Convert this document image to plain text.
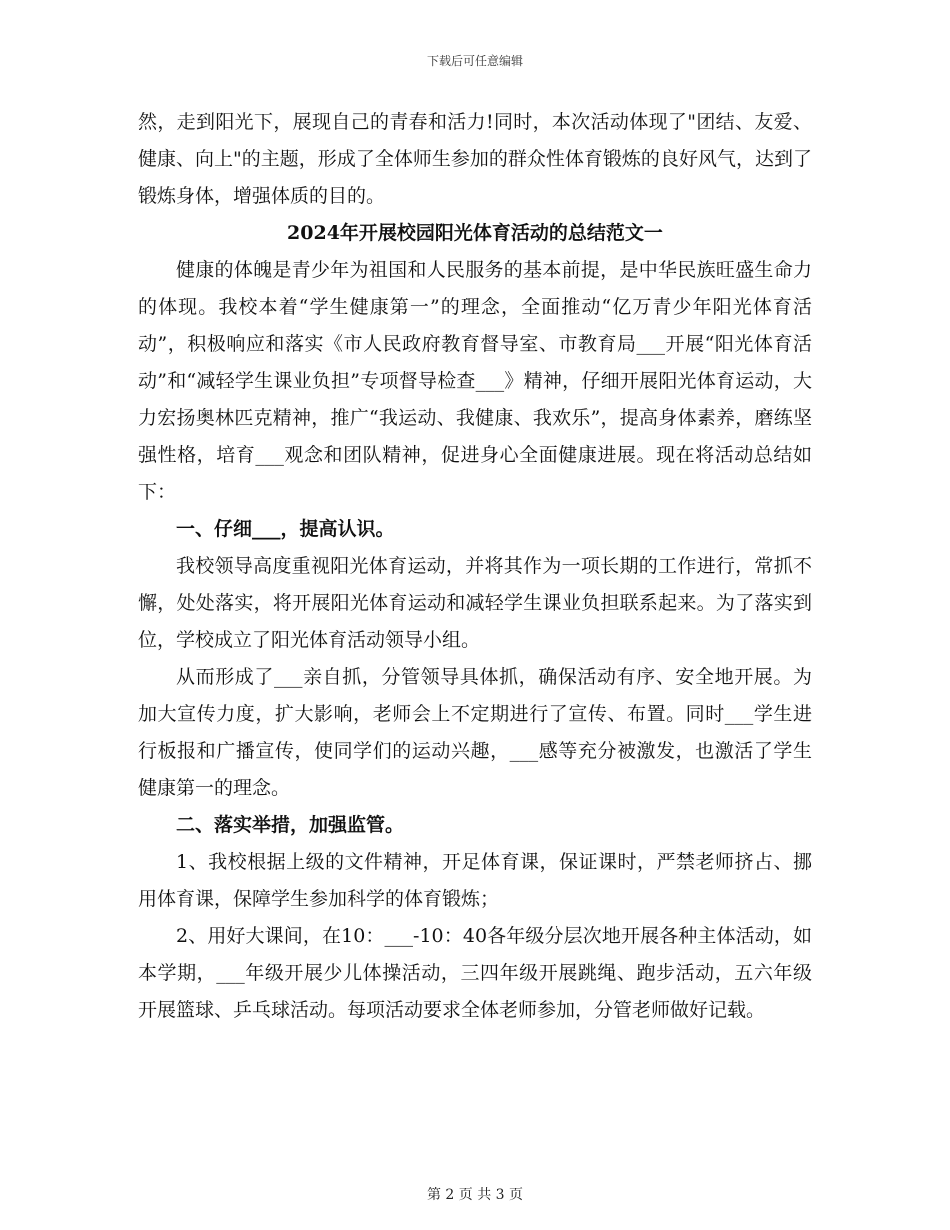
下载后可任意编辑

然，走到阳光下，展现自己的青春和活力!同时，本次活动体现了"团结、友爱、健康、向上"的主题，形成了全体师生参加的群众性体育锻炼的良好风气，达到了锻炼身体，增强体质的目的。

2024年开展校园阳光体育活动的总结范文一

健康的体魄是青少年为祖国和人民服务的基本前提，是中华民族旺盛生命力的体现。我校本着“学生健康第一”的理念，全面推动“亿万青少年阳光体育活动”，积极响应和落实《市人民政府教育督导室、市教育局___开展“阳光体育活动”和“减轻学生课业负担”专项督导检查___》精神，仔细开展阳光体育运动，大力宏扬奥林匹克精神，推广“我运动、我健康、我欢乐”，提高身体素养，磨练坚强性格，培育___观念和团队精神，促进身心全面健康进展。现在将活动总结如下：

一、仔细___，提高认识。

我校领导高度重视阳光体育运动，并将其作为一项长期的工作进行，常抓不懈，处处落实，将开展阳光体育运动和减轻学生课业负担联系起来。为了落实到位，学校成立了阳光体育活动领导小组。

从而形成了___亲自抓，分管领导具体抓，确保活动有序、安全地开展。为加大宣传力度，扩大影响，老师会上不定期进行了宣传、布置。同时___学生进行板报和广播宣传，使同学们的运动兴趣，___感等充分被激发，也激活了学生健康第一的理念。

二、落实举措，加强监管。

1、我校根据上级的文件精神，开足体育课，保证课时，严禁老师挤占、挪用体育课，保障学生参加科学的体育锻炼；

2、用好大课间，在10：___-10：40各年级分层次地开展各种主体活动，如本学期，___年级开展少儿体操活动，三四年级开展跳绳、跑步活动，五六年级开展篮球、乒乓球活动。每项活动要求全体老师参加，分管老师做好记载。

第 2 页 共 3 页
